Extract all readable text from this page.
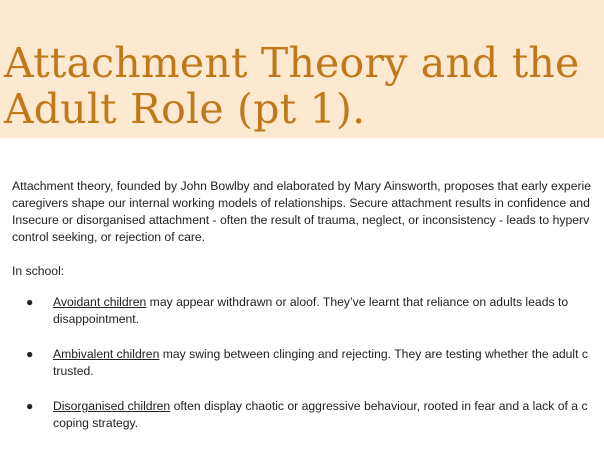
Attachment Theory and the
Adult Role (pt 1).

Attachment theory, founded by John Bowlby and elaborated by Mary Ainsworth, proposes that early experie

caregivers shape our internal working models of relationships. Secure attachment results in confidence and

Insecure or disorganised attachment - often the result of trauma, neglect, or inconsistency - leads to hyperv

control seeking, or rejection of care.

In school:

● Avoidant children may appear withdrawn or aloof. They’ve learnt that reliance on adults leads to

disappointment.

● Ambivalent children may swing between clinging and rejecting. They are testing whether the adult c

trusted.

● Disorganised children often display chaotic or aggressive behaviour, rooted in fear and a lack of a c

coping strategy.
